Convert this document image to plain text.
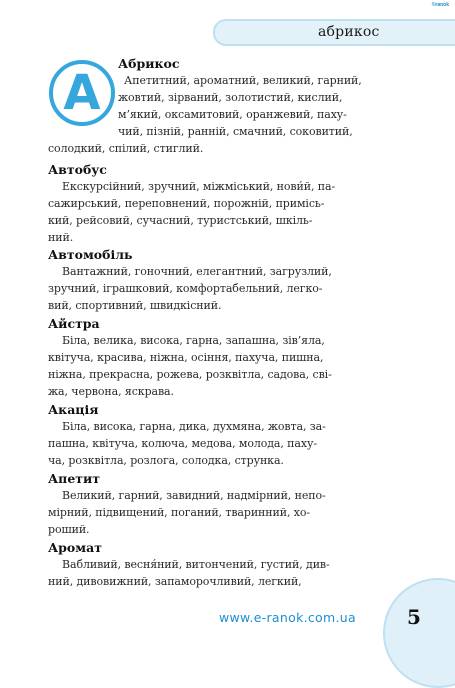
©ranok
абрикос
А
Абрикос
Апетитний, ароматний, великий, гарний,
жовтий, зірваний, золотистий, кислий,
м’який, оксамитовий, оранжевий, паху-
чий, пізній, ранній, смачний, соковитий,
солодкий, спілий, стиглий.
Автобус
Екскурсійний, зручний, міжміський, нови́й, па-
сажирський, переповнений, порожній, примісь-
кий, рейсовий, сучасний, туристський, шкіль-
ний.
Автомобіль
Вантажний, гоночний, елегантний, загрузлий,
зручний, іграшковий, комфортабельний, легко-
вий, спортивний, швидкісний.
Айстра
Біла, велика, висока, гарна, запашна, зів’яла,
квітуча, красива, ніжна, осіння, пахуча, пишна,
ніжна, прекрасна, рожева, розквітла, садова, сві-
жа, червона, яскрава.
Акація
Біла, висока, гарна, дика, духмяна, жовта, за-
пашна, квітуча, колюча, медова, молода, паху-
ча, розквітла, розлога, солодка, струнка.
Апетит
Великий, гарний, завидний, надмірний, непо-
мірний, підвищений, поганий, тваринний, хо-
роший.
Аромат
Вабливий, весня́ний, витончений, густий, див-
ний, дивовижний, запаморочливий, легкий,
www.e-ranok.com.ua	5
